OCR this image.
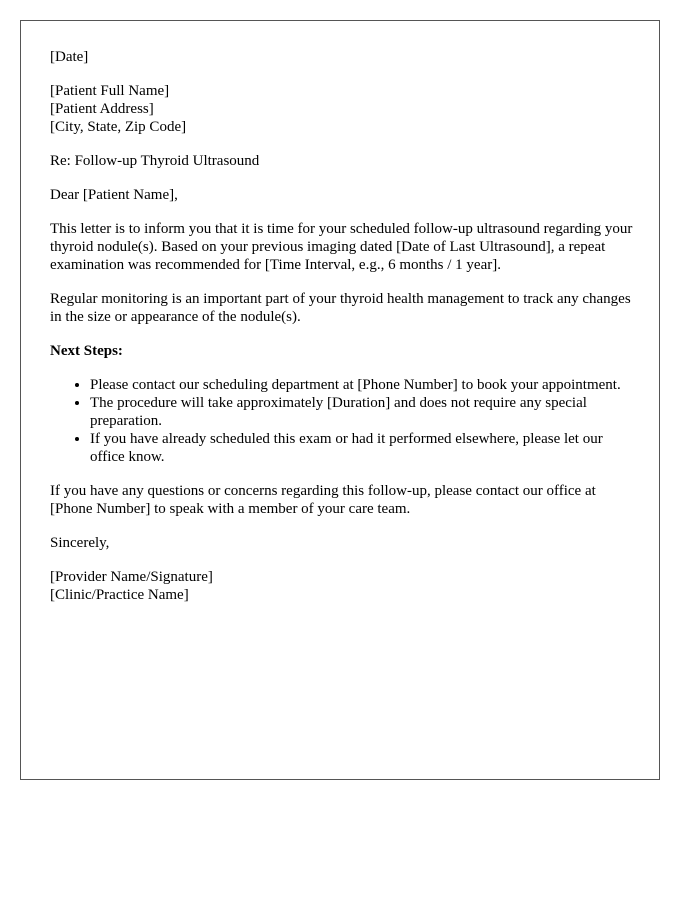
[Date]
[Patient Full Name]
[Patient Address]
[City, State, Zip Code]

Re: Follow-up Thyroid Ultrasound

Dear [Patient Name],

This letter is to inform you that it is time for your scheduled follow-up ultrasound regarding your thyroid nodule(s). Based on your previous imaging dated [Date of Last Ultrasound], a repeat examination was recommended for [Time Interval, e.g., 6 months / 1 year].

Regular monitoring is an important part of your thyroid health management to track any changes in the size or appearance of the nodule(s).

Next Steps:
• Please contact our scheduling department at [Phone Number] to book your appointment.
• The procedure will take approximately [Duration] and does not require any special preparation.
• If you have already scheduled this exam or had it performed elsewhere, please let our office know.

If you have any questions or concerns regarding this follow-up, please contact our office at [Phone Number] to speak with a member of your care team.

Sincerely,

[Provider Name/Signature]
[Clinic/Practice Name]
